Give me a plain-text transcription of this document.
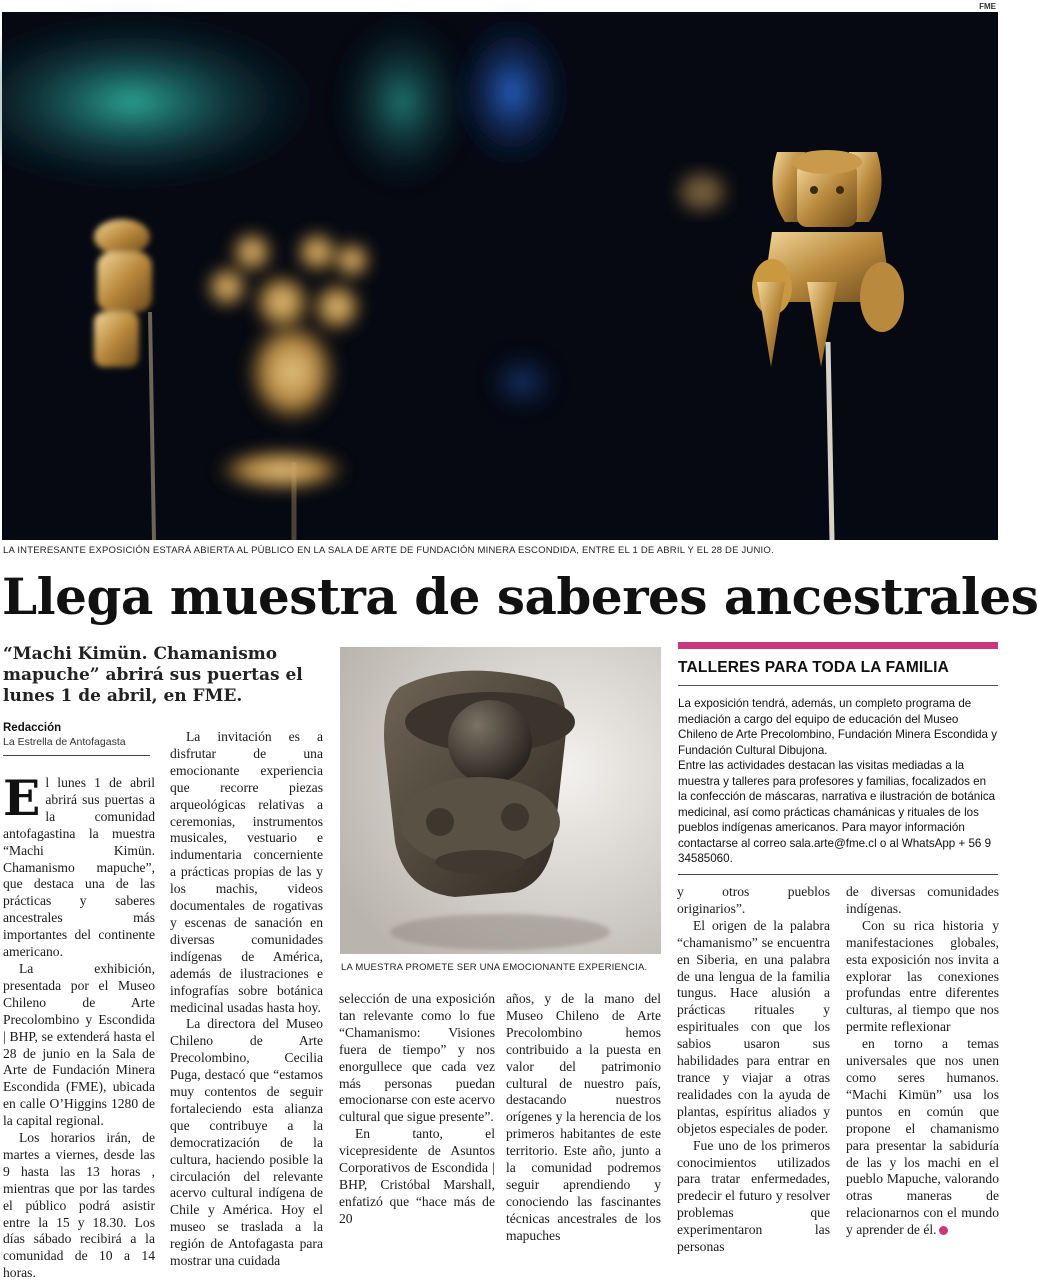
FME
LA INTERESANTE EXPOSICIÓN ESTARÁ ABIERTA AL PÚBLICO EN LA SALA DE ARTE DE FUNDACIÓN MINERA ESCONDIDA, ENTRE EL 1 DE ABRIL Y EL 28 DE JUNIO.
Llega muestra de saberes ancestrales
“Machi Kimün. Chamanismo mapuche” abrirá sus puertas el lunes 1 de abril, en FME.
Redacción
La Estrella de Antofagasta

El lunes 1 de abril abrirá sus puertas a la comunidad antofagastina la muestra “Machi Kimün. Chamanismo mapuche”, que destaca una de las prácticas y saberes ancestrales más importantes del continente americano.

La exhibición, presentada por el Museo Chileno de Arte Precolombino y Escondida | BHP, se extenderá hasta el 28 de junio en la Sala de Arte de Fundación Minera Escondida (FME), ubicada en calle O’Higgins 1280 de la capital regional.

Los horarios irán, de martes a viernes, desde las 9 hasta las 13 horas , mientras que por las tardes el público podrá asistir entre la 15 y 18.30. Los días sábado recibirá a la comunidad de 10 a 14 horas.

La invitación es a disfrutar de una emocionante experiencia que recorre piezas arqueológicas relativas a ceremonias, instrumentos musicales, vestuario e indumentaria concerniente a prácticas propias de las y los machis, videos documentales de rogativas y escenas de sanación en diversas comunidades indígenas de América, además de ilustraciones e infografías sobre botánica medicinal usadas hasta hoy.

La directora del Museo Chileno de Arte Precolombino, Cecilia Puga, destacó que “estamos muy contentos de seguir fortaleciendo esta alianza que contribuye a la democratización de la cultura, haciendo posible la circulación del relevante acervo cultural indígena de Chile y América. Hoy el museo se traslada a la región de Antofagasta para mostrar una cuidada

LA MUESTRA PROMETE SER UNA EMOCIONANTE EXPERIENCIA.

selección de una exposición tan relevante como lo fue “Chamanismo: Visiones fuera de tiempo” y nos enorgullece que cada vez más personas puedan emocionarse con este acervo cultural que sigue presente”.

En tanto, el vicepresidente de Asuntos Corporativos de Escondida | BHP, Cristóbal Marshall, enfatizó que “hace más de 20

años, y de la mano del Museo Chileno de Arte Precolombino hemos contribuido a la puesta en valor del patrimonio cultural de nuestro país, destacando nuestros orígenes y la herencia de los primeros habitantes de este territorio. Este año, junto a la comunidad podremos seguir aprendiendo y conociendo las fascinantes técnicas ancestrales de los mapuches

TALLERES PARA TODA LA FAMILIA

La exposición tendrá, además, un completo programa de mediación a cargo del equipo de educación del Museo Chileno de Arte Precolombino, Fundación Minera Escondida y Fundación Cultural Dibujona.

Entre las actividades destacan las visitas mediadas a la muestra y talleres para profesores y familias, focalizados en la confección de máscaras, narrativa e ilustración de botánica medicinal, así como prácticas chamánicas y rituales de los pueblos indígenas americanos. Para mayor información contactarse al correo sala.arte@fme.cl o al WhatsApp + 56 9 34585060.

y otros pueblos originarios”.

El origen de la palabra “chamanismo” se encuentra en Siberia, en una palabra de una lengua de la familia tungus. Hace alusión a prácticas rituales y espirituales con que los sabios usaron sus habilidades para entrar en trance y viajar a otras realidades con la ayuda de plantas, espíritus aliados y objetos especiales de poder.

Fue uno de los primeros conocimientos utilizados para tratar enfermedades, predecir el futuro y resolver problemas que experimentaron las personas

de diversas comunidades indígenas.

Con su rica historia y manifestaciones globales, esta exposición nos invita a explorar las conexiones profundas entre diferentes culturas, al tiempo que nos permite reflexionar

en torno a temas universales que nos unen como seres humanos. “Machi Kimün” usa los puntos en común que propone el chamanismo para presentar la sabiduría de las y los machi en el pueblo Mapuche, valorando otras maneras de relacionarnos con el mundo y aprender de él.
